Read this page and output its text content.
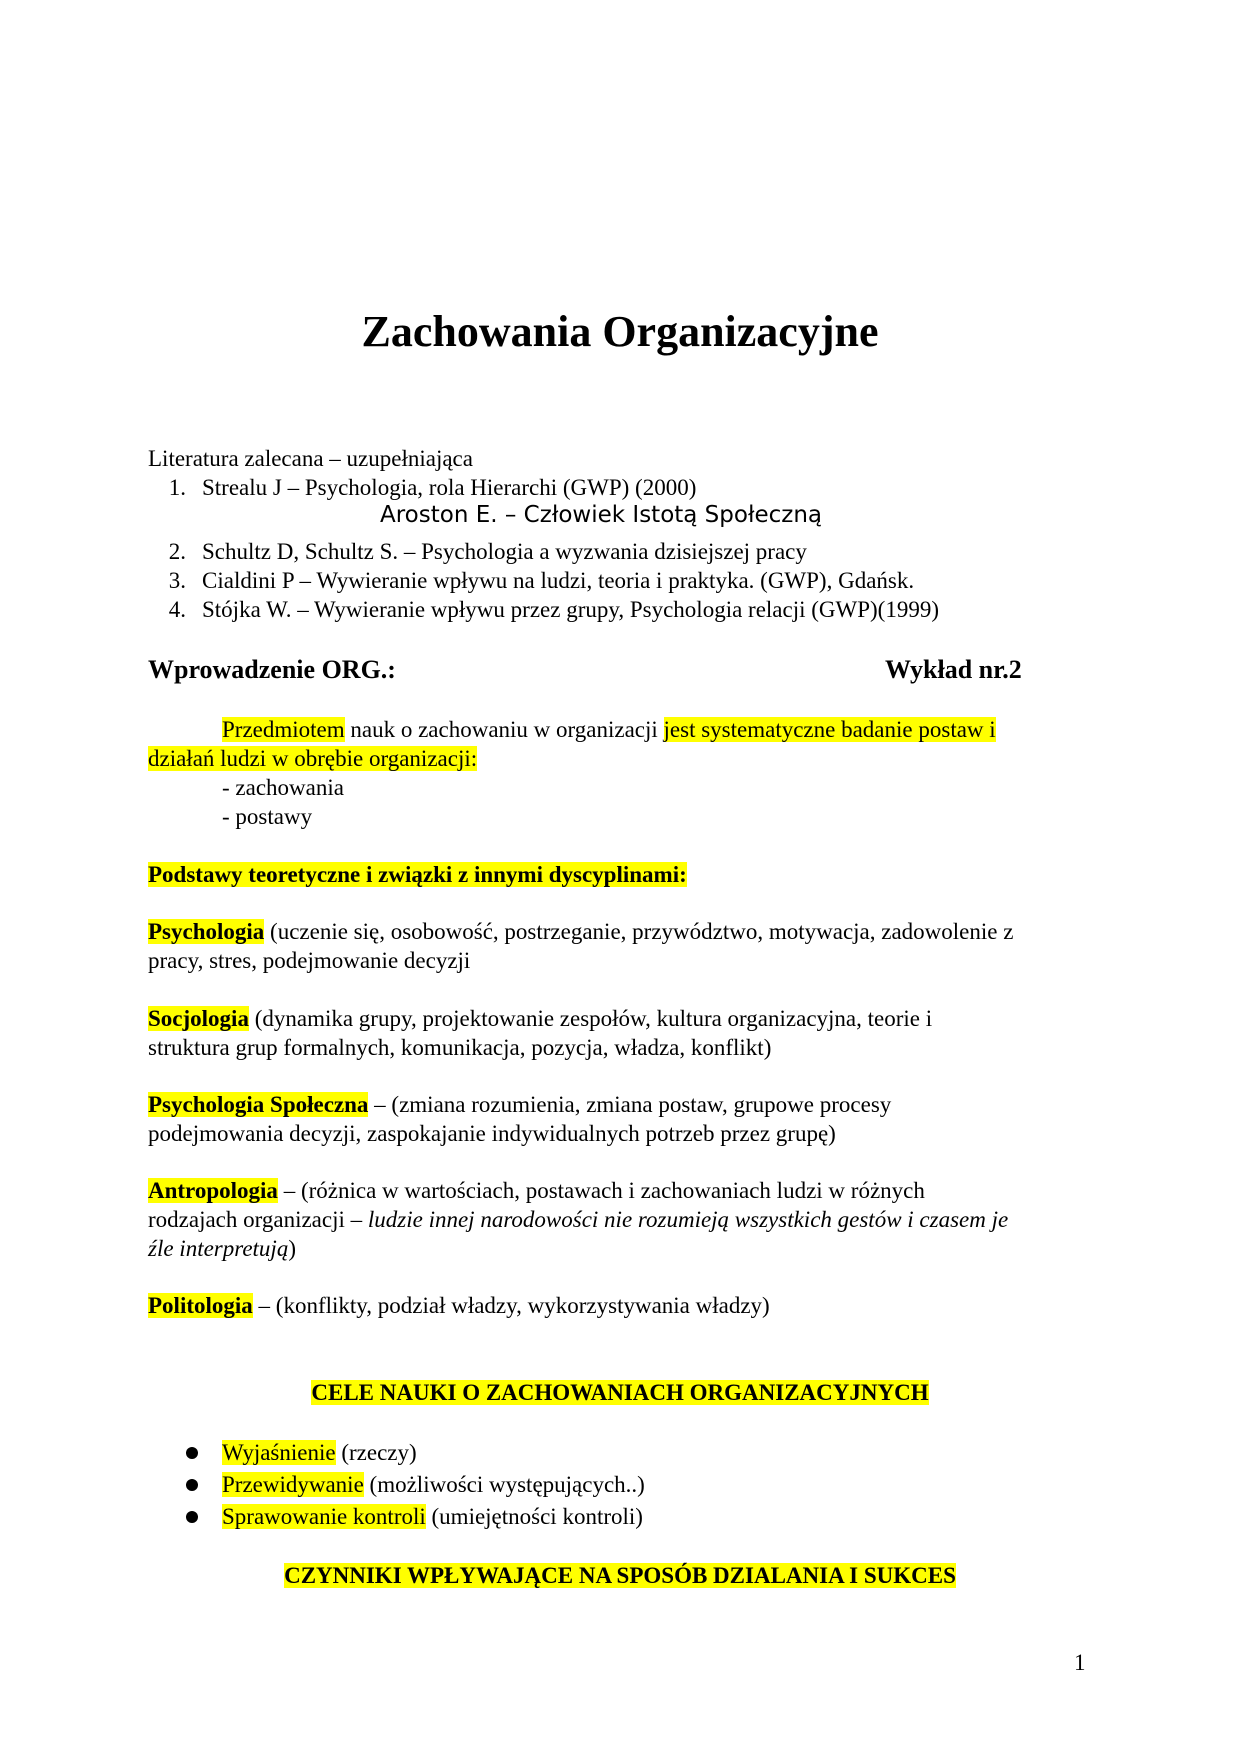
Zachowania Organizacyjne
Literatura zalecana – uzupełniająca
1. Strealu J – Psychologia, rola Hierarchi (GWP) (2000)
Aroston E. – Człowiek Istotą Społeczną
2. Schultz D, Schultz S. – Psychologia a wyzwania dzisiejszej pracy
3. Cialdini P – Wywieranie wpływu na ludzi, teoria i praktyka. (GWP), Gdańsk.
4. Stójka W. – Wywieranie wpływu przez grupy, Psychologia relacji (GWP)(1999)
Wprowadzenie ORG.:	Wykład nr.2
Przedmiotem nauk o zachowaniu w organizacji jest systematyczne badanie postaw i
działań ludzi w obrębie organizacji:
- zachowania
- postawy
Podstawy teoretyczne i związki z innymi dyscyplinami:
Psychologia (uczenie się, osobowość, postrzeganie, przywództwo, motywacja, zadowolenie z
pracy, stres, podejmowanie decyzji
Socjologia (dynamika grupy, projektowanie zespołów, kultura organizacyjna, teorie i
struktura grup formalnych, komunikacja, pozycja, władza, konflikt)
Psychologia Społeczna – (zmiana rozumienia, zmiana postaw, grupowe procesy
podejmowania decyzji, zaspokajanie indywidualnych potrzeb przez grupę)
Antropologia – (różnica w wartościach, postawach i zachowaniach ludzi w różnych
rodzajach organizacji – ludzie innej narodowości nie rozumieją wszystkich gestów i czasem je
źle interpretują)
Politologia – (konflikty, podział władzy, wykorzystywania władzy)
CELE NAUKI O ZACHOWANIACH ORGANIZACYJNYCH
Wyjaśnienie (rzeczy)
Przewidywanie (możliwości występujących..)
Sprawowanie kontroli (umiejętności kontroli)
CZYNNIKI WPŁYWAJĄCE NA SPOSÓB DZIALANIA I SUKCES
1
